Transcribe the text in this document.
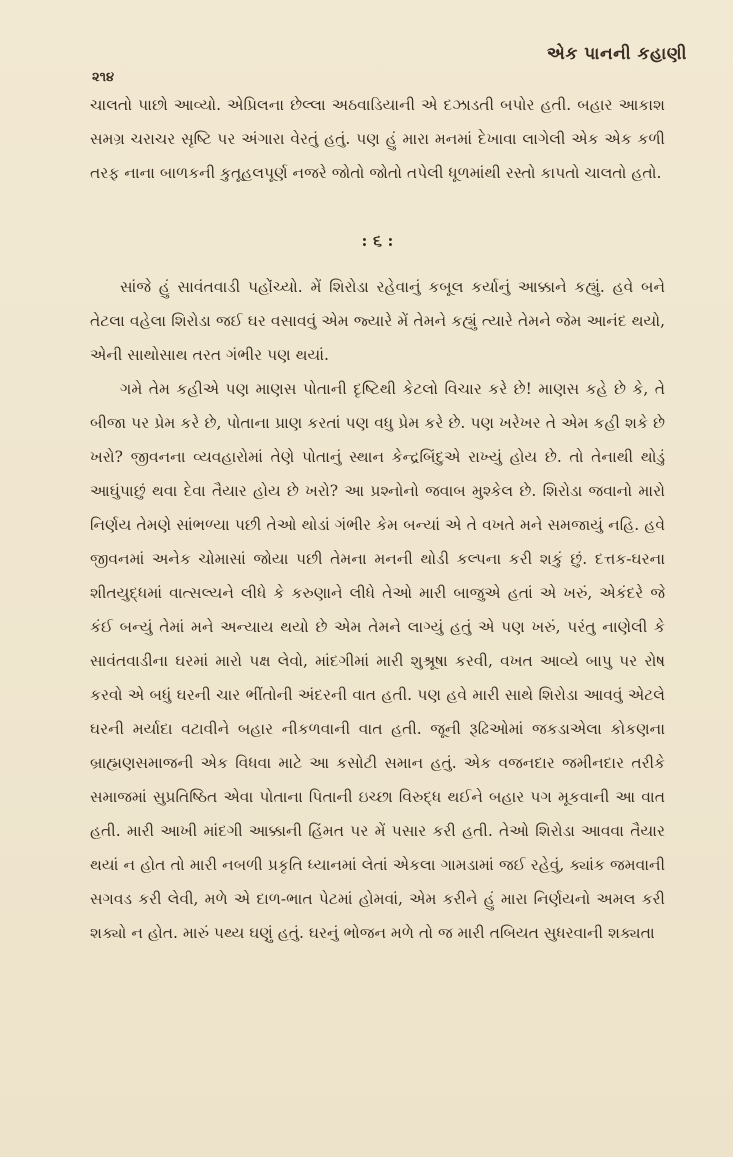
એક પાનની કહાણી
૨૧૪

ચાલતો પાછો આવ્યો. એપ્રિલના છેલ્લા અઠવાડિયાની એ દઝાડતી બપોર હતી. બહાર આકાશ સમગ્ર ચરાચર સૃષ્ટિ પર અંગારા વેરતું હતું. પણ હું મારા મનમાં દેખાવા લાગેલી એક એક કળી તરફ નાના બાળકની કુતૂહલપૂર્ણ નજરે જોતો જોતો તપેલી ધૂળમાંથી રસ્તો કાપતો ચાલતો હતો.

: ૬ :

સાંજે હું સાવંતવાડી પહોંચ્યો. મેં શિરોડા રહેવાનું કબૂલ કર્યાનું આક્કાને કહ્યું. હવે બને તેટલા વહેલા શિરોડા જઈ ઘર વસાવવું એમ જ્યારે મેં તેમને કહ્યું ત્યારે તેમને જેમ આનંદ થયો, એની સાથોસાથ તરત ગંભીર પણ થયાં.

ગમે તેમ કહીએ પણ માણસ પોતાની દૃષ્ટિથી કેટલો વિચાર કરે છે! માણસ કહે છે કે, તે બીજા પર પ્રેમ કરે છે, પોતાના પ્રાણ કરતાં પણ વધુ પ્રેમ કરે છે. પણ ખરેખર તે એમ કહી શકે છે ખરો? જીવનના વ્યવહારોમાં તેણે પોતાનું સ્થાન કેન્દ્રબિંદુએ રાખ્યું હોય છે. તો તેનાથી થોડું આઘુંપાછું થવા દેવા તૈયાર હોય છે ખરો? આ પ્રશ્નોનો જવાબ મુશ્કેલ છે. શિરોડા જવાનો મારો નિર્ણય તેમણે સાંભળ્યા પછી તેઓ થોડાં ગંભીર કેમ બન્યાં એ તે વખતે મને સમજાયું નહિ. હવે જીવનમાં અનેક ચોમાસાં જોયા પછી તેમના મનની થોડી કલ્પના કરી શકું છું. દત્તક-ઘરના શીતયુદ્ધમાં વાત્સલ્યને લીધે કે કરુણાને લીધે તેઓ મારી બાજુએ હતાં એ ખરું, એકંદરે જે કંઈ બન્યું તેમાં મને અન્યાય થયો છે એમ તેમને લાગ્યું હતું એ પણ ખરું, પરંતુ નાણેલી કે સાવંતવાડીના ઘરમાં મારો પક્ષ લેવો, માંદગીમાં મારી શુશ્રૂષા કરવી, વખત આવ્યે બાપુ પર રોષ કરવો એ બધું ઘરની ચાર ભીંતોની અંદરની વાત હતી. પણ હવે મારી સાથે શિરોડા આવવું એટલે ઘરની મર્યાદા વટાવીને બહાર નીકળવાની વાત હતી. જૂની રૂઢિઓમાં જકડાએલા કોકણના બ્રાહ્મણસમાજની એક વિધવા માટે આ કસોટી સમાન હતું. એક વજનદાર જમીનદાર તરીકે સમાજમાં સુપ્રતિષ્ઠિત એવા પોતાના પિતાની ઇચ્છા વિરુદ્ધ થઈને બહાર પગ મૂકવાની આ વાત હતી. મારી આખી માંદગી આક્કાની હિંમત પર મેં પસાર કરી હતી. તેઓ શિરોડા આવવા તૈયાર થયાં ન હોત તો મારી નબળી પ્રકૃતિ ધ્યાનમાં લેતાં એકલા ગામડામાં જઈ રહેવું, ક્યાંક જમવાની સગવડ કરી લેવી, મળે એ દાળ-ભાત પેટમાં હોમવાં, એમ કરીને હું મારા નિર્ણયનો અમલ કરી શક્યો ન હોત. મારું પથ્ય ઘણું હતું. ઘરનું ભોજન મળે તો જ મારી તબિયત સુધરવાની શક્યતા
